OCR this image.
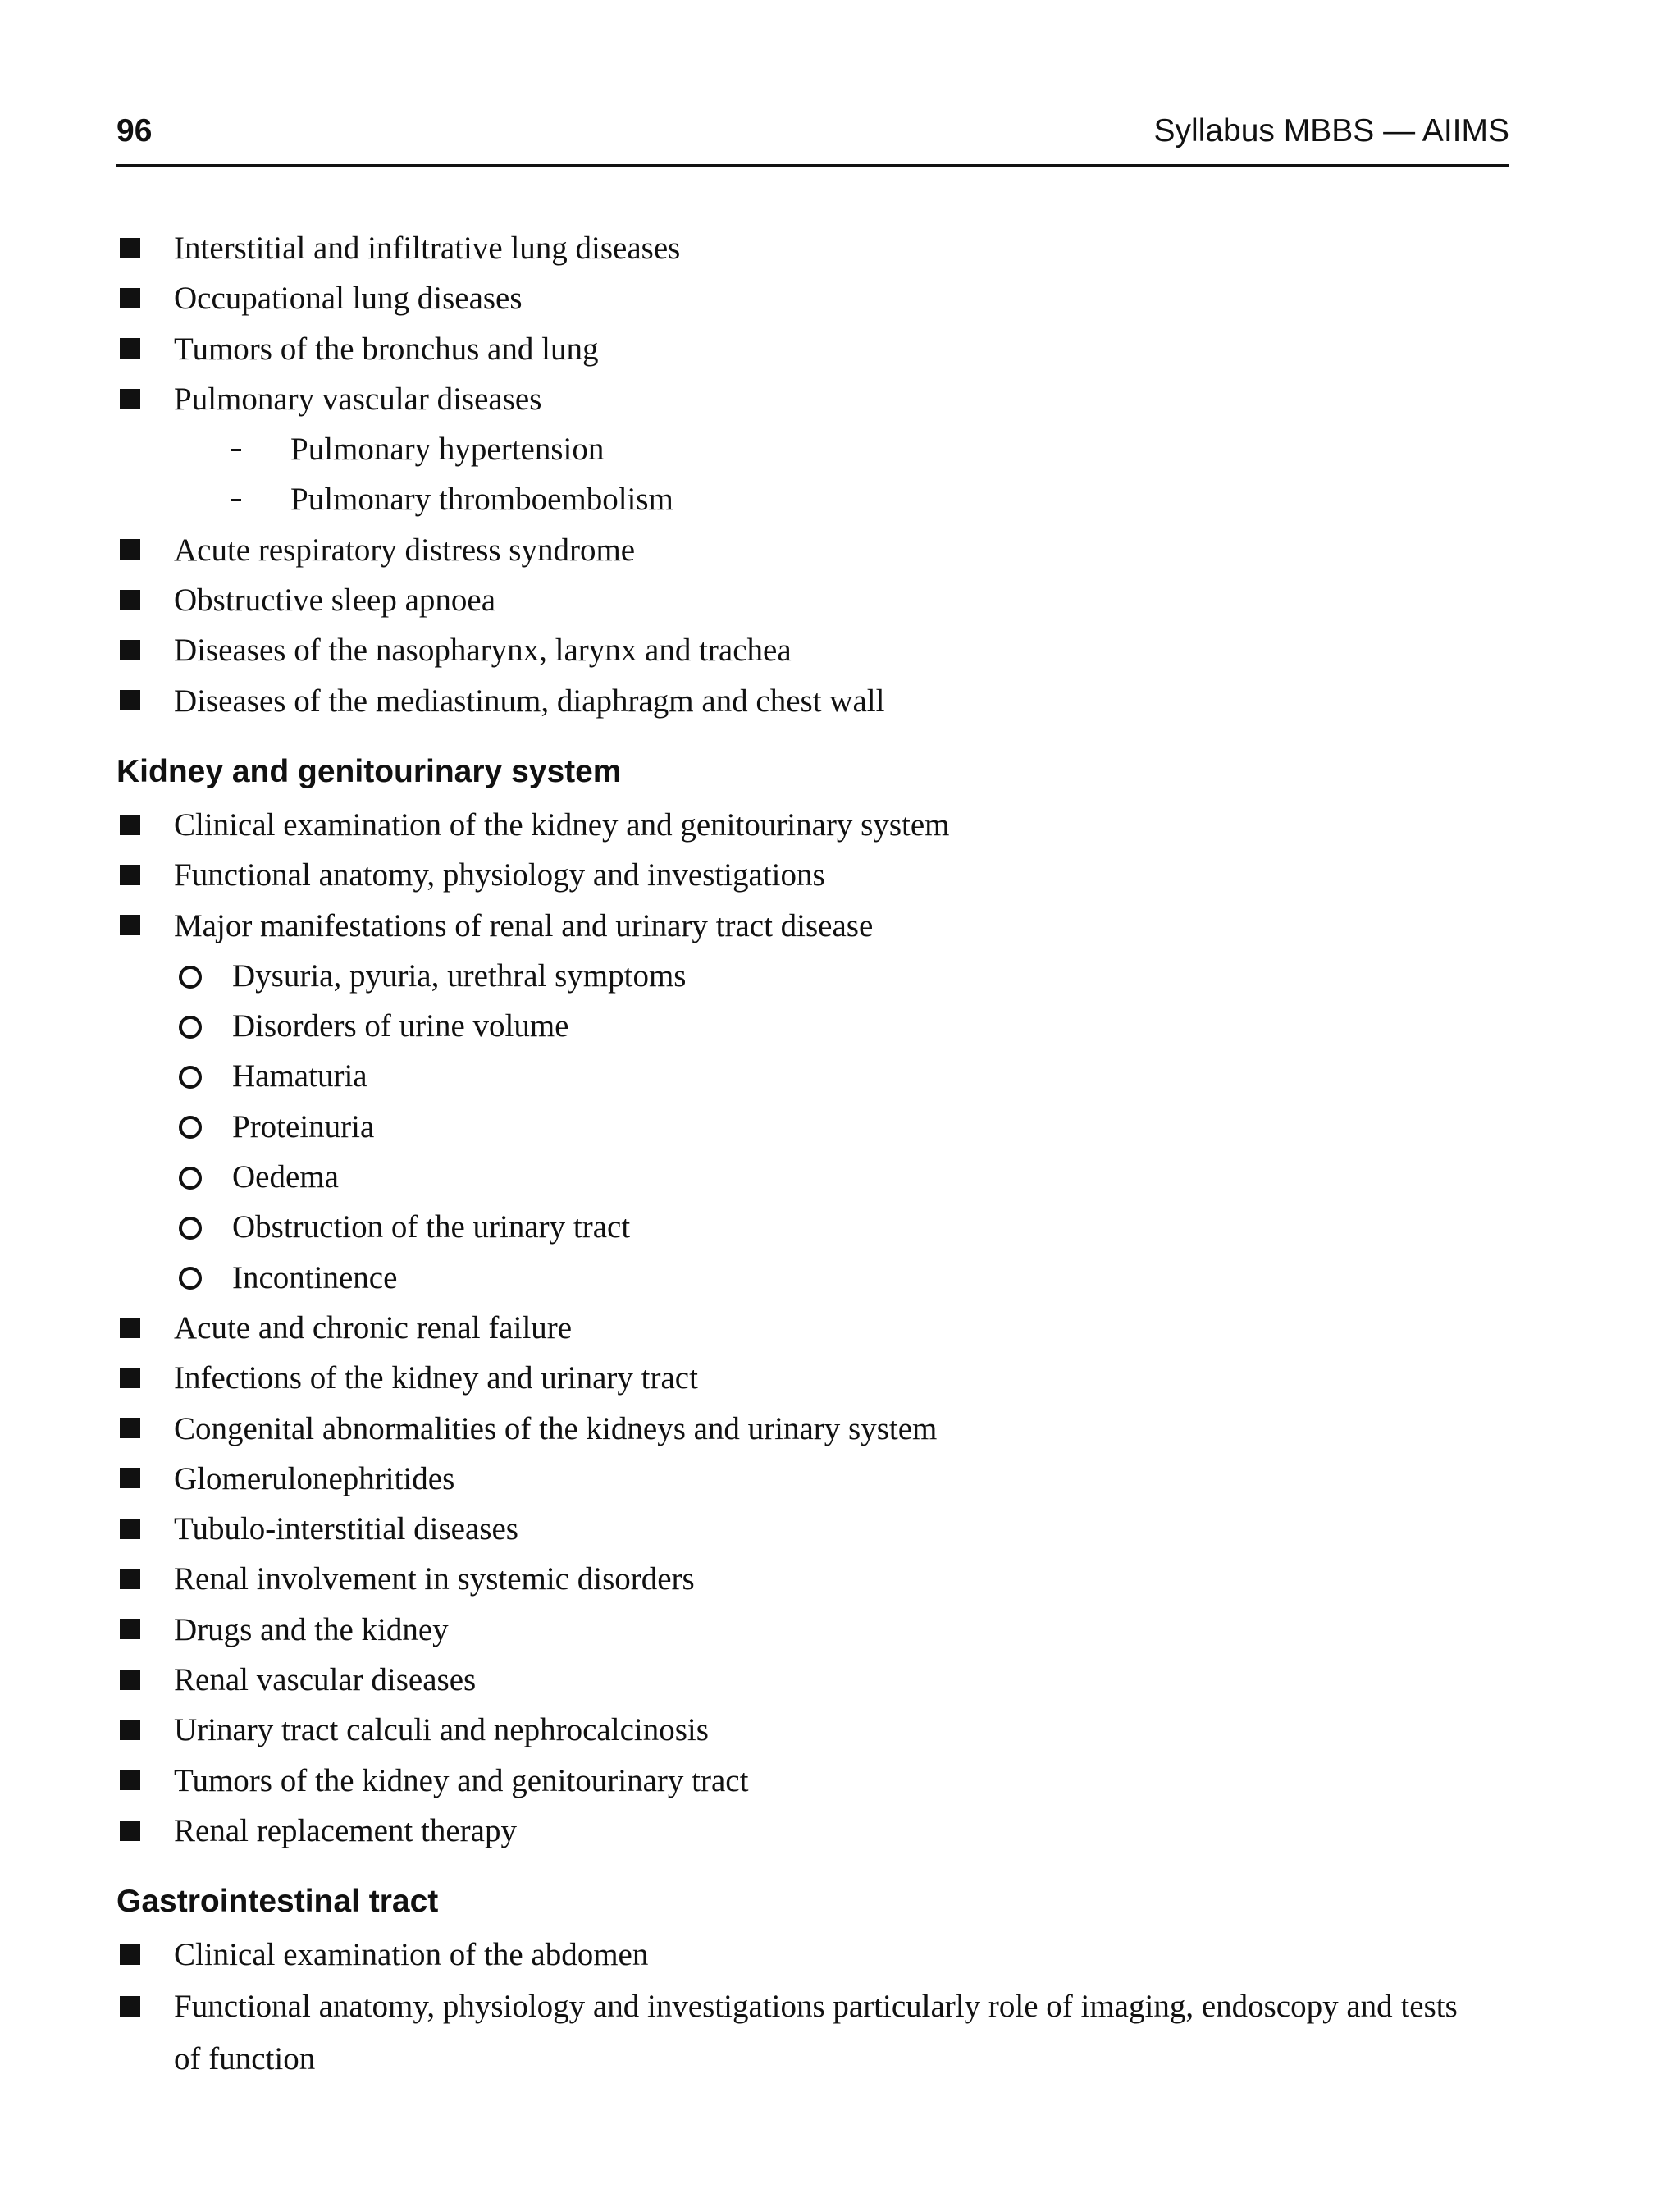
96	Syllabus MBBS — AIIMS
Interstitial and infiltrative lung diseases
Occupational lung diseases
Tumors of the bronchus and lung
Pulmonary vascular diseases
Pulmonary hypertension
Pulmonary thromboembolism
Acute respiratory distress syndrome
Obstructive sleep apnoea
Diseases of the nasopharynx, larynx and trachea
Diseases of the mediastinum, diaphragm and chest wall
Kidney and genitourinary system
Clinical examination of the kidney and genitourinary system
Functional anatomy, physiology and investigations
Major manifestations of renal and urinary tract disease
Dysuria, pyuria, urethral symptoms
Disorders of urine volume
Hamaturia
Proteinuria
Oedema
Obstruction of the urinary tract
Incontinence
Acute and chronic renal failure
Infections of the kidney and urinary tract
Congenital abnormalities of the kidneys and urinary system
Glomerulonephritides
Tubulo-interstitial diseases
Renal involvement in systemic disorders
Drugs and the kidney
Renal vascular diseases
Urinary tract calculi and nephrocalcinosis
Tumors of the kidney and genitourinary tract
Renal replacement therapy
Gastrointestinal tract
Clinical examination of the abdomen
Functional anatomy, physiology and investigations particularly role of imaging, endoscopy and tests of function
